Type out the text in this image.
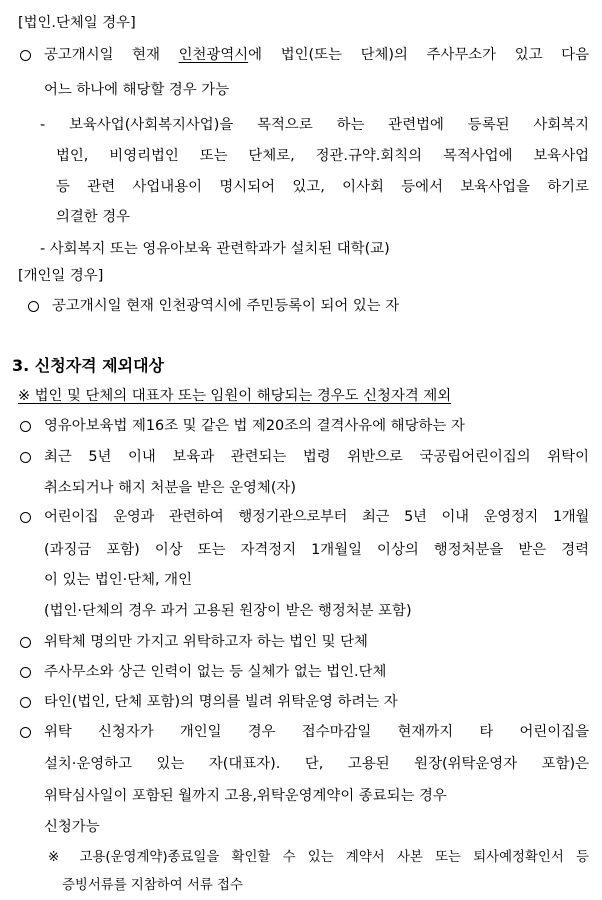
[법인.단체일 경우]
공고개시일 현재 인천광역시에 법인(또는 단체)의 주사무소가 있고 다음
어느 하나에 해당할 경우 가능
- 보육사업(사회복지사업)을 목적으로 하는 관련법에 등록된 사회복지
법인, 비영리법인 또는 단체로, 정관.규약.회칙의 목적사업에 보육사업
등 관련 사업내용이 명시되어 있고, 이사회 등에서 보육사업을 하기로
의결한 경우
- 사회복지 또는 영유아보육 관련학과가 설치된 대학(교)
[개인일 경우]
공고개시일 현재 인천광역시에 주민등록이 되어 있는 자
3. 신청자격 제외대상
※ 법인 및 단체의 대표자 또는 임원이 해당되는 경우도 신청자격 제외
영유아보육법 제16조 및 같은 법 제20조의 결격사유에 해당하는 자
최근 5년 이내 보육과 관련되는 법령 위반으로 국공립어린이집의 위탁이
취소되거나 해지 처분을 받은 운영체(자)
어린이집 운영과 관련하여 행정기관으로부터 최근 5년 이내 운영정지 1개월
(과징금 포함) 이상 또는 자격정지 1개월일 이상의 행정처분을 받은 경력
이 있는 법인·단체, 개인
(법인·단체의 경우 과거 고용된 원장이 받은 행정처분 포함)
위탁체 명의만 가지고 위탁하고자 하는 법인 및 단체
주사무소와 상근 인력이 없는 등 실체가 없는 법인.단체
타인(법인, 단체 포함)의 명의를 빌려 위탁운영 하려는 자
위탁 신청자가 개인일 경우 접수마감일 현재까지 타 어린이집을
설치·운영하고 있는 자(대표자). 단, 고용된 원장(위탁운영자 포함)은
위탁심사일이 포함된 월까지 고용,위탁운영계약이 종료되는 경우
신청가능
※ 고용(운영계약)종료일을 확인할 수 있는 계약서 사본 또는 퇴사예정확인서 등
증빙서류를 지참하여 서류 접수
